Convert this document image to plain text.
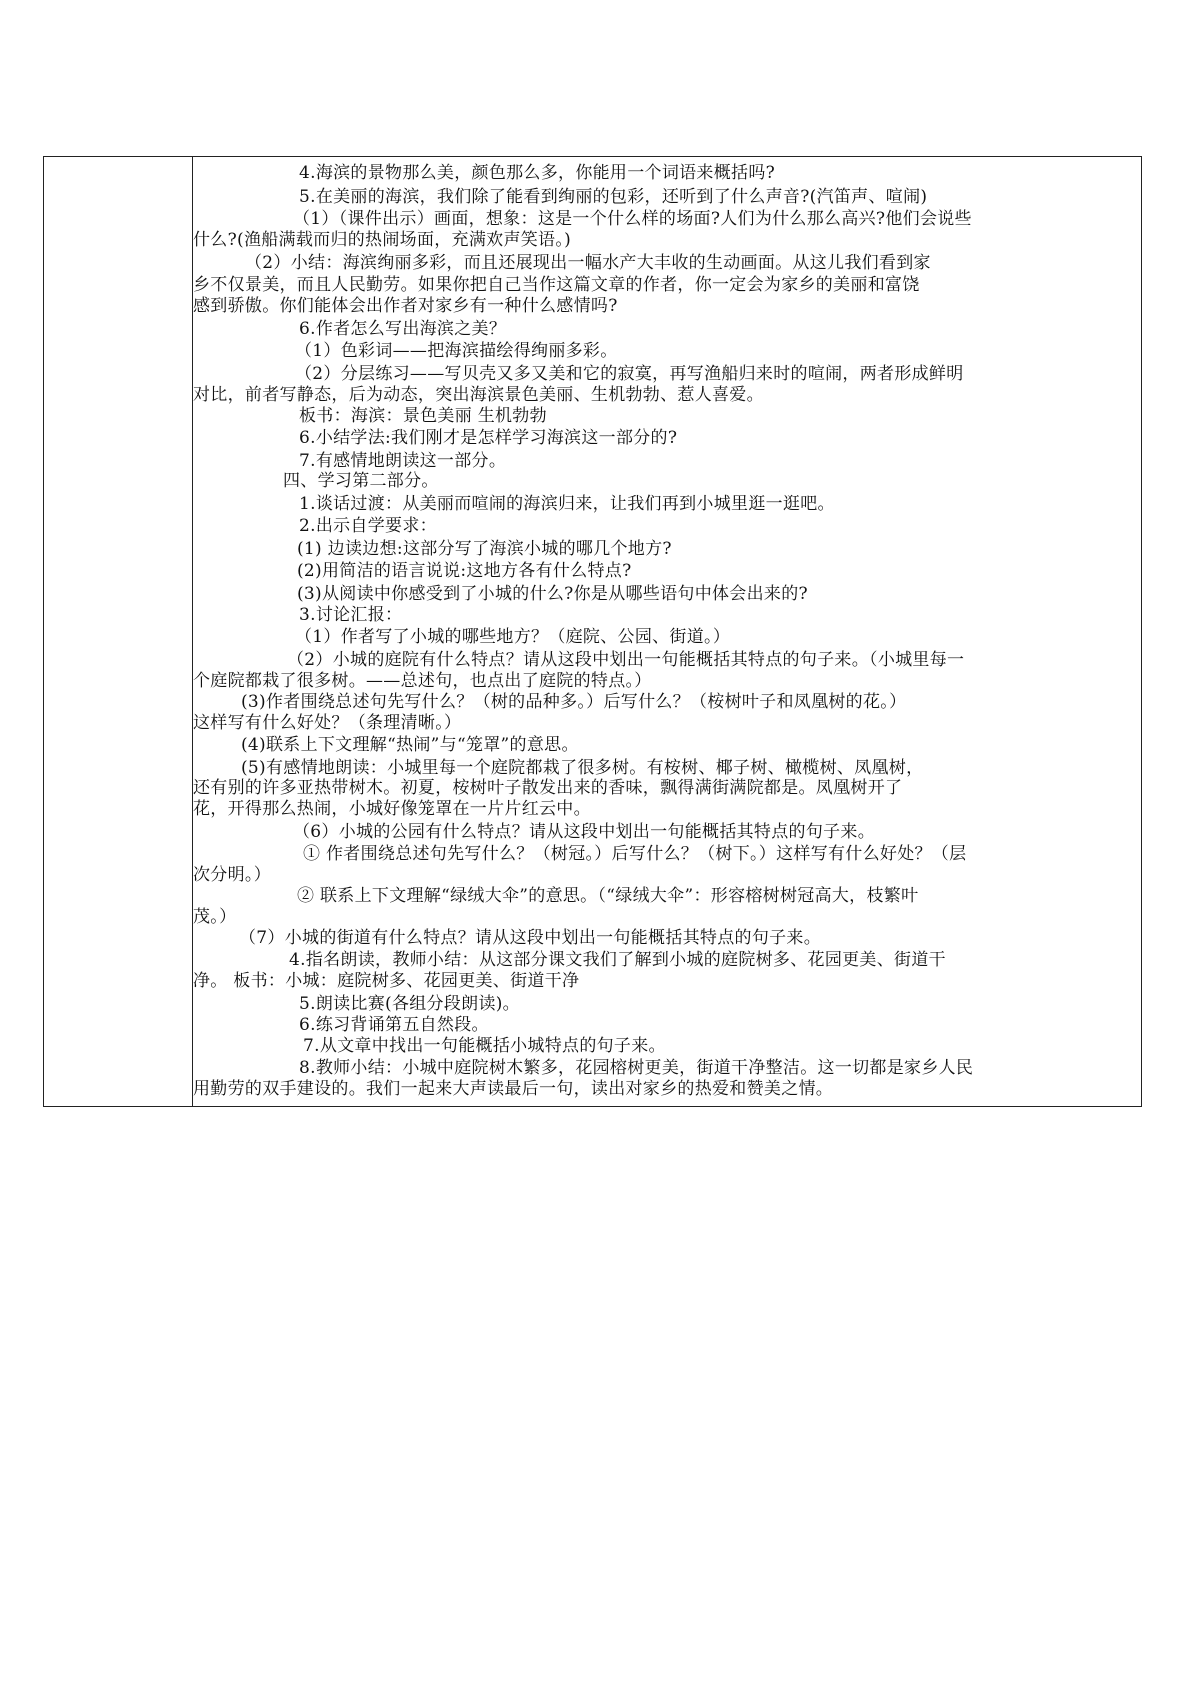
4.海滨的景物那么美，颜色那么多，你能用一个词语来概括吗?
5.在美丽的海滨，我们除了能看到绚丽的包彩，还听到了什么声音?(汽笛声、喧闹)
（1）（课件出示）画面，想象：这是一个什么样的场面?人们为什么那么高兴?他们会说些
什么?(渔船满载而归的热闹场面，充满欢声笑语。)
（2）小结：海滨绚丽多彩，而且还展现出一幅水产大丰收的生动画面。从这儿我们看到家
乡不仅景美，而且人民勤劳。如果你把自己当作这篇文章的作者，你一定会为家乡的美丽和富饶
感到骄傲。你们能体会出作者对家乡有一种什么感情吗?
6.作者怎么写出海滨之美？
（1）色彩词——把海滨描绘得绚丽多彩。
（2）分层练习——写贝壳又多又美和它的寂寞，再写渔船归来时的喧闹，两者形成鲜明
对比，前者写静态，后为动态，突出海滨景色美丽、生机勃勃、惹人喜爱。
板书：海滨：景色美丽 生机勃勃
6.小结学法:我们刚才是怎样学习海滨这一部分的?
7.有感情地朗读这一部分。
四、学习第二部分。
1.谈话过渡：从美丽而喧闹的海滨归来，让我们再到小城里逛一逛吧。
2.出示自学要求：
(1) 边读边想:这部分写了海滨小城的哪几个地方?
(2)用简洁的语言说说:这地方各有什么特点?
(3)从阅读中你感受到了小城的什么?你是从哪些语句中体会出来的?
3.讨论汇报：
（1）作者写了小城的哪些地方？（庭院、公园、街道。）
（2）小城的庭院有什么特点？请从这段中划出一句能概括其特点的句子来。（小城里每一
个庭院都栽了很多树。——总述句，也点出了庭院的特点。）
(3)作者围绕总述句先写什么？（树的品种多。）后写什么？（桉树叶子和凤凰树的花。）
这样写有什么好处？（条理清晰。）
(4)联系上下文理解“热闹”与“笼罩”的意思。
(5)有感情地朗读：小城里每一个庭院都栽了很多树。有桉树、椰子树、橄榄树、凤凰树，
还有别的许多亚热带树木。初夏，桉树叶子散发出来的香味，飘得满街满院都是。凤凰树开了
花，开得那么热闹，小城好像笼罩在一片片红云中。
（6）小城的公园有什么特点？请从这段中划出一句能概括其特点的句子来。
① 作者围绕总述句先写什么？（树冠。）后写什么？（树下。）这样写有什么好处？（层
次分明。）
② 联系上下文理解“绿绒大伞”的意思。（“绿绒大伞”：形容榕树树冠高大，枝繁叶
茂。）
（7）小城的街道有什么特点？请从这段中划出一句能概括其特点的句子来。
4.指名朗读，教师小结：从这部分课文我们了解到小城的庭院树多、花园更美、街道干
净。 板书：小城：庭院树多、花园更美、街道干净
5.朗读比赛(各组分段朗读)。
6.练习背诵第五自然段。
7.从文章中找出一句能概括小城特点的句子来。
8.教师小结：小城中庭院树木繁多，花园榕树更美，街道干净整洁。这一切都是家乡人民
用勤劳的双手建设的。我们一起来大声读最后一句，读出对家乡的热爱和赞美之情。
